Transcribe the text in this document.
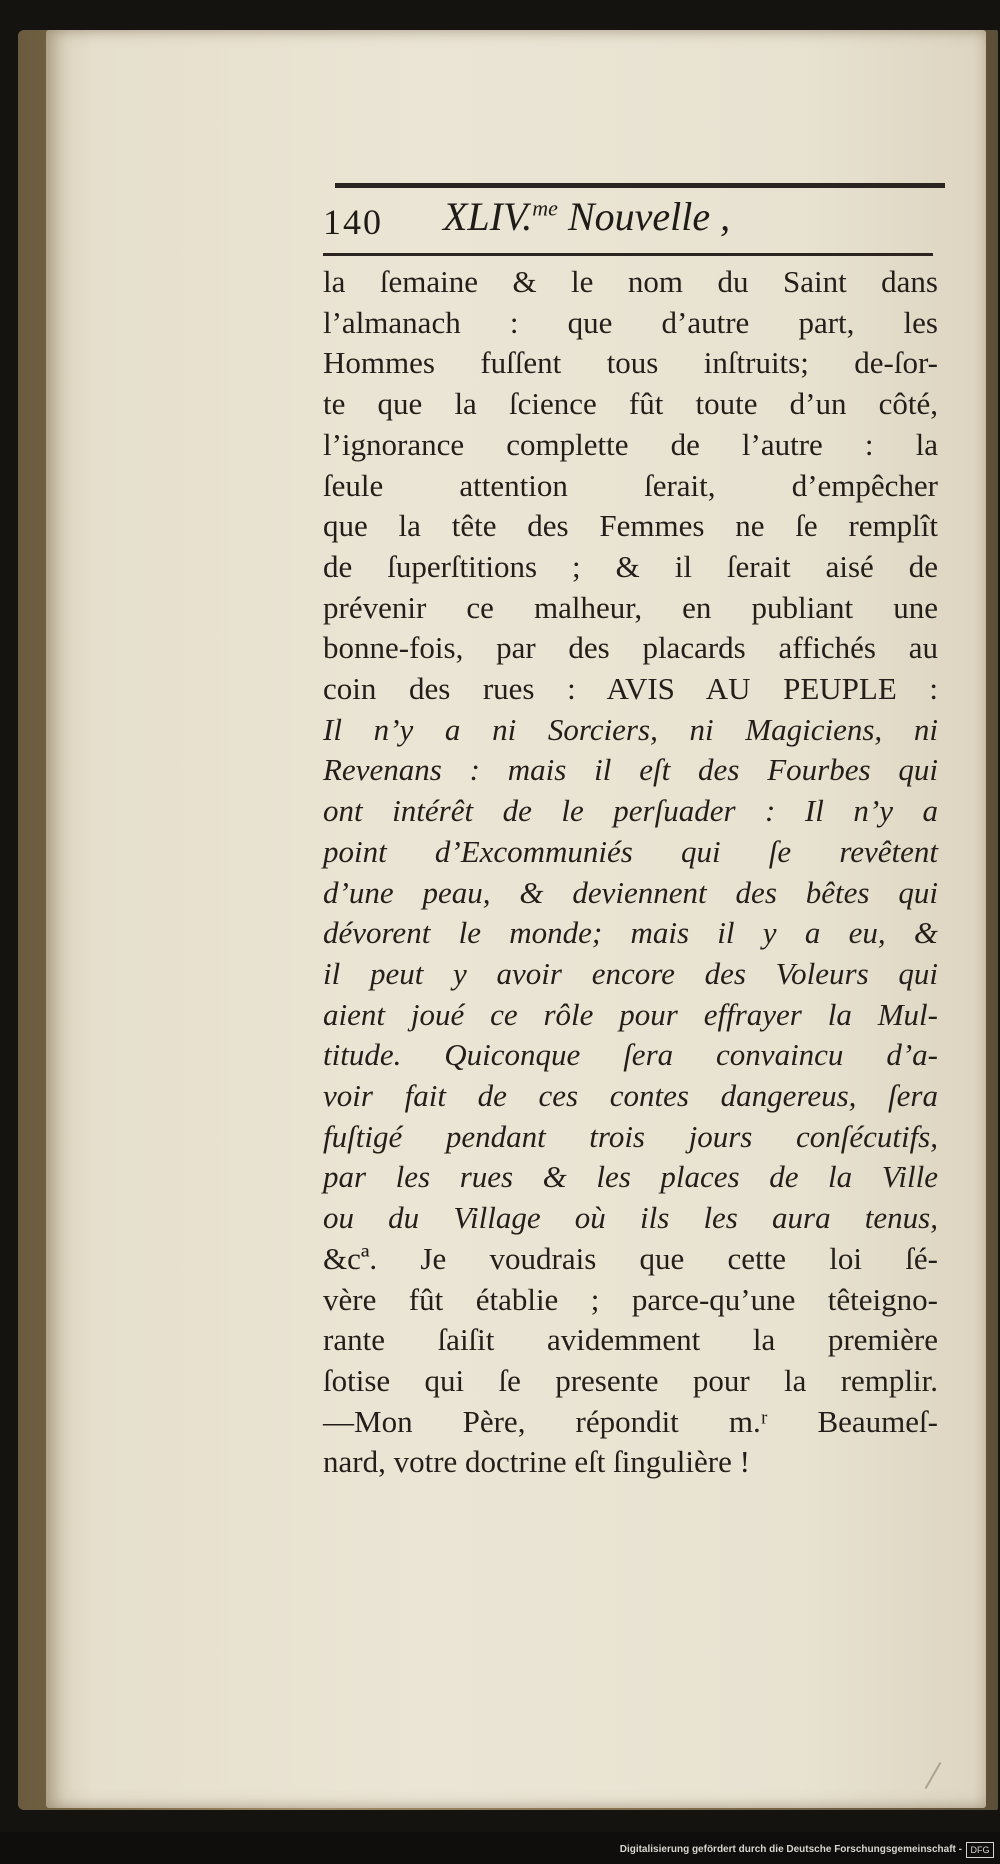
140 XLIV.$^{me}$ Nouvelle ,
la ſemaine & le nom du Saint dans
l’almanach : que d’autre part, les
Hommes fuſſent tous inſtruits; de-ſor-
te que la ſcience fût toute d’un côté,
l’ignorance complette de l’autre : la
ſeule attention ſerait, d’empêcher
que la tête des Femmes ne ſe remplît
de ſuperſtitions ; & il ſerait aisé de
prévenir ce malheur, en publiant une
bonne-fois, par des placards affichés au
coin des rues : AVIS AU PEUPLE :
Il n’y a ni Sorciers, ni Magiciens, ni
Revenans : mais il eſt des Fourbes qui
ont intérêt de le perſuader : Il n’y a
point d’Excommuniés qui ſe revêtent
d’une peau, & deviennent des bêtes qui
dévorent le monde; mais il y a eu, &
il peut y avoir encore des Voleurs qui
aient joué ce rôle pour effrayer la Mul-
titude. Quiconque ſera convaincu d’a-
voir fait de ces contes dangereus, ſera
fuſtigé pendant trois jours conſécutifs,
par les rues & les places de la Ville
ou du Village où ils les aura tenus,
&cª. Je voudrais que cette loi ſé-
vère fût établie ; parce-qu’une têteigno-
rante ſaiſit avidemment la première
ſotise qui ſe presente pour la remplir.
—Mon Père, répondit m.ʳ Beaumeſ-
nard, votre doctrine eſt ſingulière !
Digitalisierung gefördert durch die Deutsche Forschungsgemeinschaft - DFG
